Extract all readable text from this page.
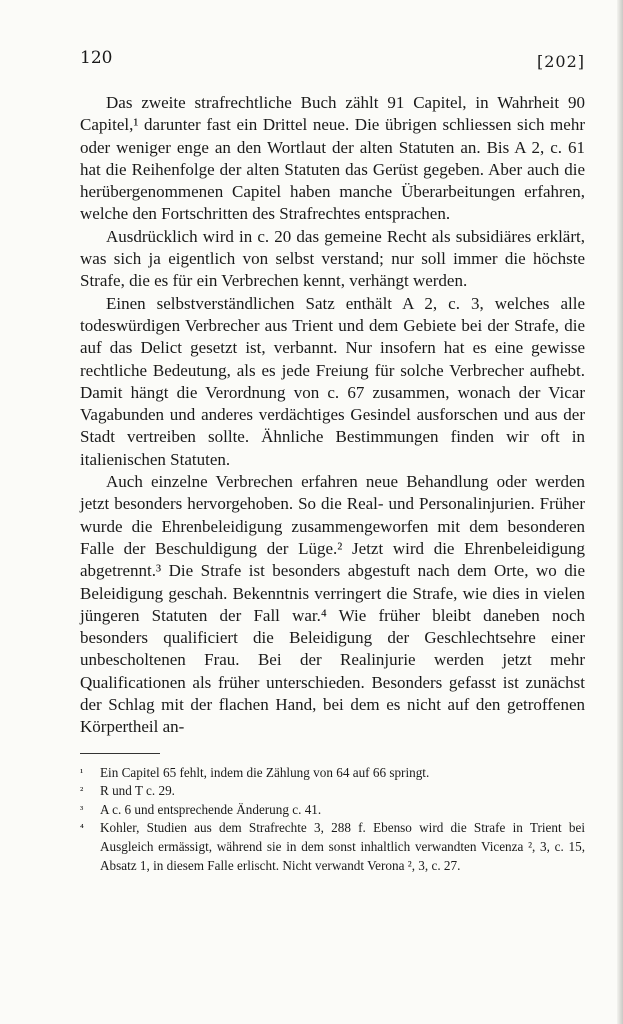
120	[202]

Das zweite strafrechtliche Buch zählt 91 Capitel, in Wahrheit 90 Capitel,¹ darunter fast ein Drittel neue. Die übrigen schliessen sich mehr oder weniger enge an den Wortlaut der alten Statuten an. Bis A 2, c. 61 hat die Reihenfolge der alten Statuten das Gerüst gegeben. Aber auch die herübergenommenen Capitel haben manche Überarbeitungen erfahren, welche den Fortschritten des Strafrechtes entsprachen.

Ausdrücklich wird in c. 20 das gemeine Recht als subsidiäres erklärt, was sich ja eigentlich von selbst verstand; nur soll immer die höchste Strafe, die es für ein Verbrechen kennt, verhängt werden.

Einen selbstverständlichen Satz enthält A 2, c. 3, welches alle todeswürdigen Verbrecher aus Trient und dem Gebiete bei der Strafe, die auf das Delict gesetzt ist, verbannt. Nur insofern hat es eine gewisse rechtliche Bedeutung, als es jede Freiung für solche Verbrecher aufhebt. Damit hängt die Verordnung von c. 67 zusammen, wonach der Vicar Vagabunden und anderes verdächtiges Gesindel ausforschen und aus der Stadt vertreiben sollte. Ähnliche Bestimmungen finden wir oft in italienischen Statuten.

Auch einzelne Verbrechen erfahren neue Behandlung oder werden jetzt besonders hervorgehoben. So die Real- und Personalinjurien. Früher wurde die Ehrenbeleidigung zusammengeworfen mit dem besonderen Falle der Beschuldigung der Lüge.² Jetzt wird die Ehrenbeleidigung abgetrennt.³ Die Strafe ist besonders abgestuft nach dem Orte, wo die Beleidigung geschah. Bekenntnis verringert die Strafe, wie dies in vielen jüngeren Statuten der Fall war.⁴ Wie früher bleibt daneben noch besonders qualificiert die Beleidigung der Geschlechtsehre einer unbescholtenen Frau. Bei der Realinjurie werden jetzt mehr Qualificationen als früher unterschieden. Besonders gefasst ist zunächst der Schlag mit der flachen Hand, bei dem es nicht auf den getroffenen Körpertheil an-

¹	Ein Capitel 65 fehlt, indem die Zählung von 64 auf 66 springt.
²	R und T c. 29.
³	A c. 6 und entsprechende Änderung c. 41.
⁴	Kohler, Studien aus dem Strafrechte 3, 288 f. Ebenso wird die Strafe in Trient bei Ausgleich ermässigt, während sie in dem sonst inhaltlich verwandten Vicenza ², 3, c. 15, Absatz 1, in diesem Falle erlischt. Nicht verwandt Verona ², 3, c. 27.
